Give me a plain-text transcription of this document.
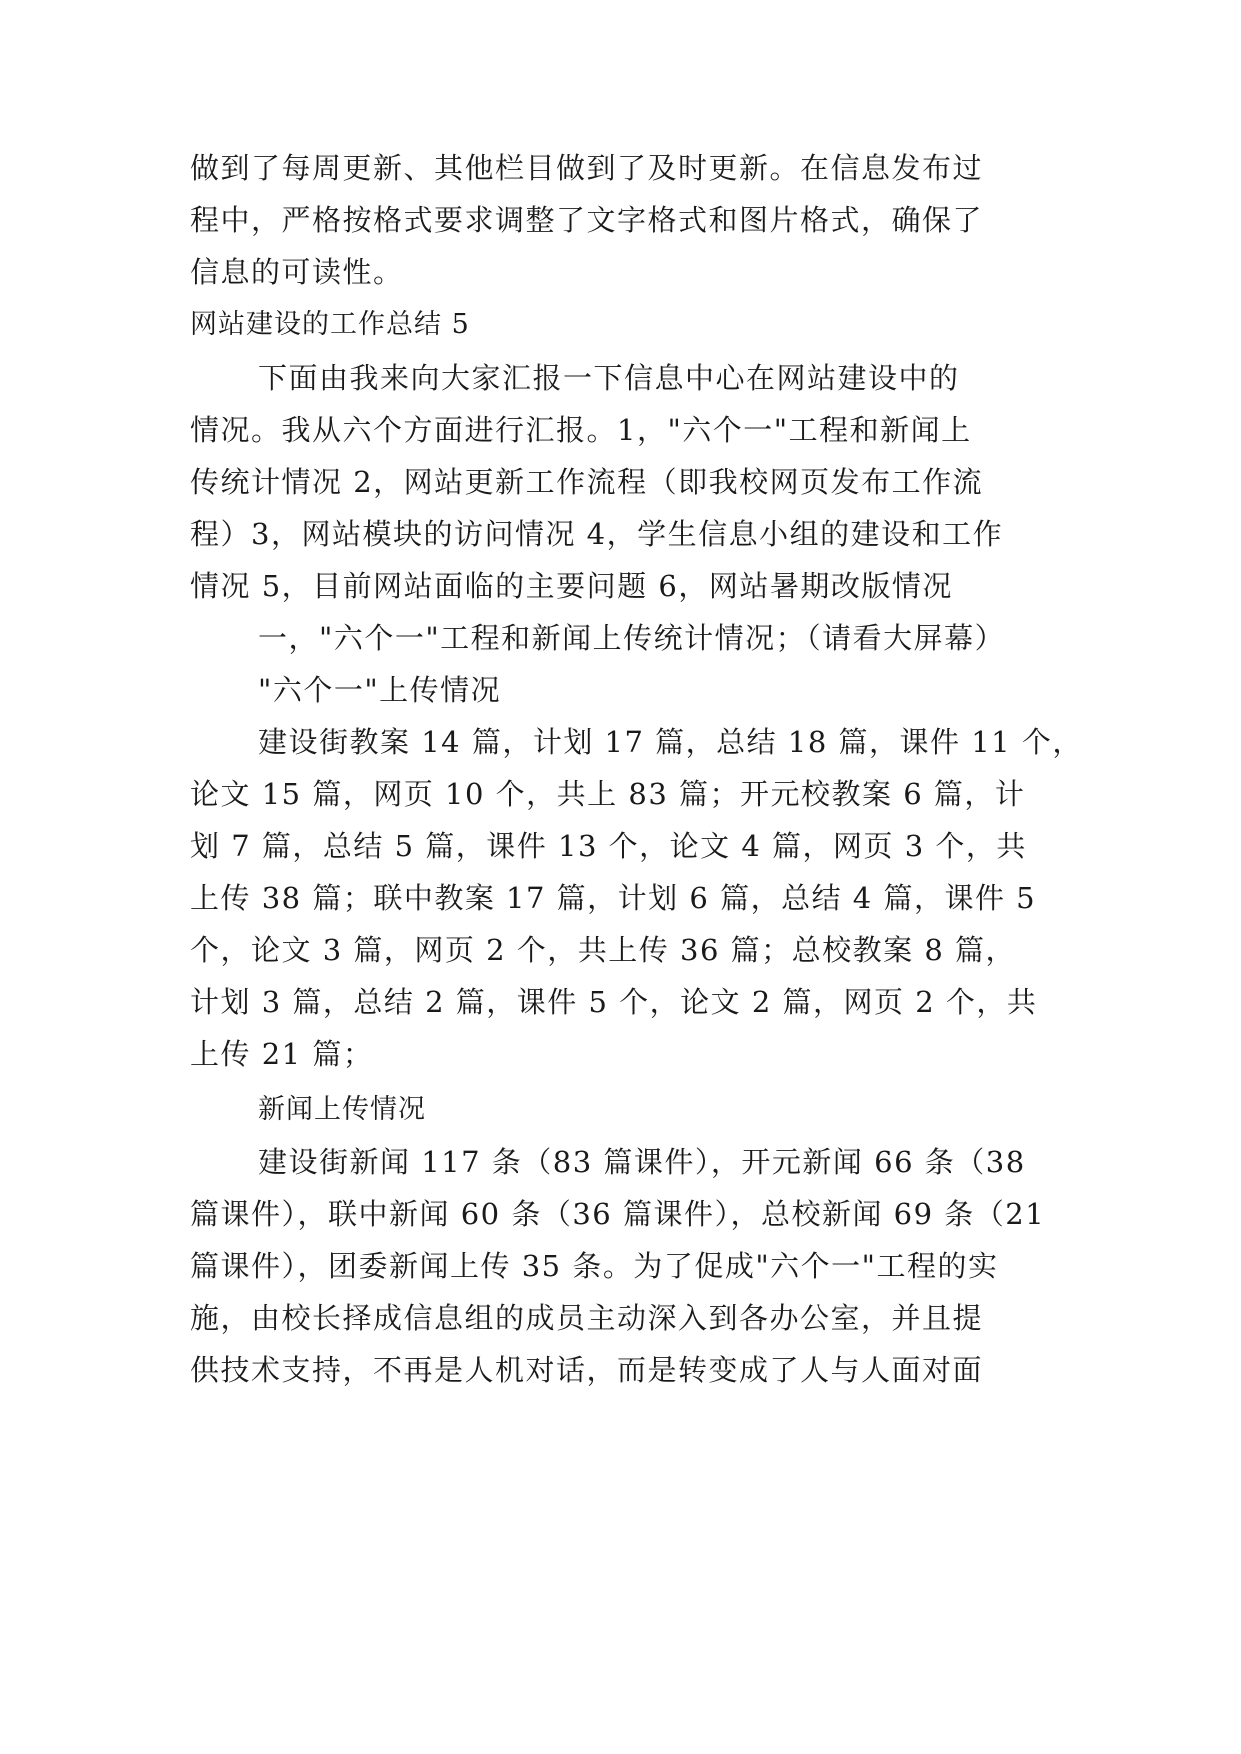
做到了每周更新、其他栏目做到了及时更新。在信息发布过
程中，严格按格式要求调整了文字格式和图片格式，确保了
信息的可读性。
网站建设的工作总结 5
下面由我来向大家汇报一下信息中心在网站建设中的
情况。我从六个方面进行汇报。1，"六个一"工程和新闻上
传统计情况 2，网站更新工作流程（即我校网页发布工作流
程）3，网站模块的访问情况 4，学生信息小组的建设和工作
情况 5，目前网站面临的主要问题 6，网站暑期改版情况
一，"六个一"工程和新闻上传统计情况；（请看大屏幕）
"六个一"上传情况
建设街教案 14 篇，计划 17 篇，总结 18 篇，课件 11 个，
论文 15 篇，网页 10 个，共上 83 篇；开元校教案 6 篇，计
划 7 篇，总结 5 篇，课件 13 个，论文 4 篇，网页 3 个，共
上传 38 篇；联中教案 17 篇，计划 6 篇，总结 4 篇，课件 5
个，论文 3 篇，网页 2 个，共上传 36 篇；总校教案 8 篇，
计划 3 篇，总结 2 篇，课件 5 个，论文 2 篇，网页 2 个，共
上传 21 篇；
新闻上传情况
建设街新闻 117 条（83 篇课件），开元新闻 66 条（38
篇课件），联中新闻 60 条（36 篇课件），总校新闻 69 条（21
篇课件），团委新闻上传 35 条。为了促成"六个一"工程的实
施，由校长择成信息组的成员主动深入到各办公室，并且提
供技术支持，不再是人机对话，而是转变成了人与人面对面
